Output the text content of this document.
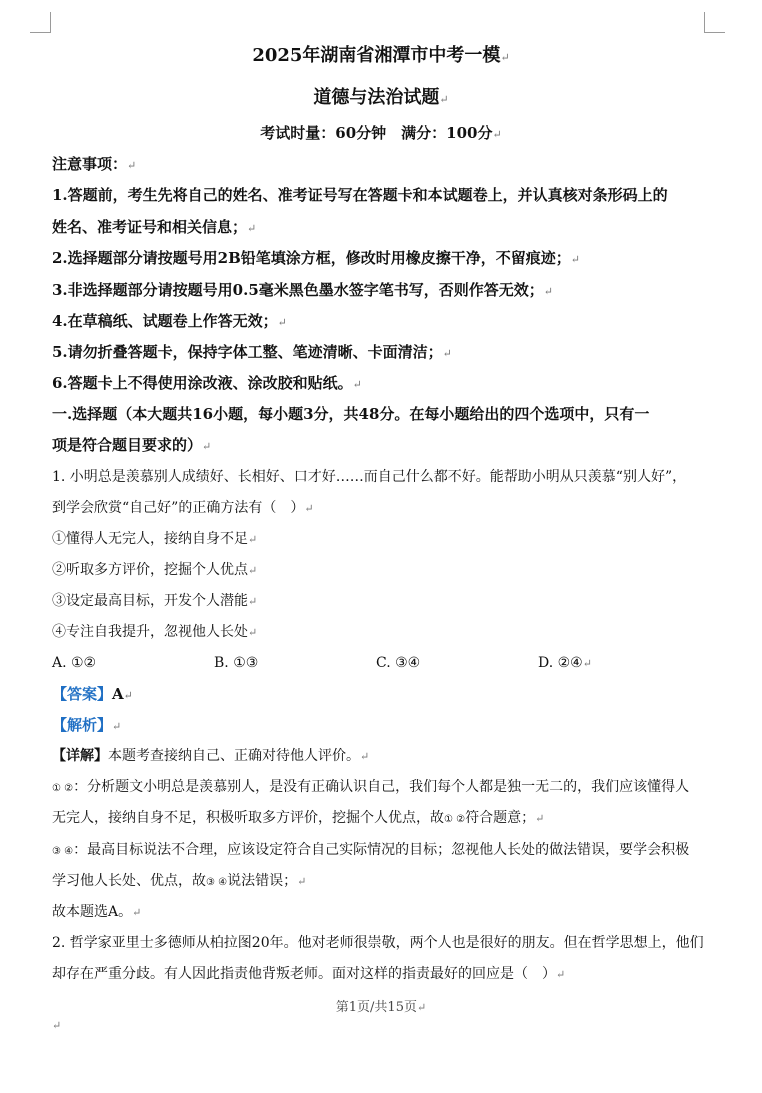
2025年湖南省湘潭市中考一模↵
道德与法治试题↵
考试时量：60分钟　满分：100分↵
注意事项：↵
1.答题前，考生先将自己的姓名、准考证号写在答题卡和本试题卷上，并认真核对条形码上的
姓名、准考证号和相关信息；↵
2.选择题部分请按题号用2B铅笔填涂方框，修改时用橡皮擦干净，不留痕迹；↵
3.非选择题部分请按题号用0.5毫米黑色墨水签字笔书写，否则作答无效；↵
4.在草稿纸、试题卷上作答无效；↵
5.请勿折叠答题卡，保持字体工整、笔迹清晰、卡面清洁；↵
6.答题卡上不得使用涂改液、涂改胶和贴纸。↵
一.选择题（本大题共16小题，每小题3分，共48分。在每小题给出的四个选项中，只有一
项是符合题目要求的）↵
1. 小明总是羡慕别人成绩好、长相好、口才好……而自己什么都不好。能帮助小明从只羡慕“别人好”，
到学会欣赏“自己好”的正确方法有（　）↵
①懂得人无完人，接纳自身不足↵
②听取多方评价，挖掘个人优点↵
③设定最高目标，开发个人潜能↵
④专注自我提升，忽视他人长处↵
A. ①②	B. ①③	C. ③④	D. ②④↵
【答案】A↵
【解析】↵
【详解】本题考查接纳自己、正确对待他人评价。↵
① ②：分析题文小明总是羡慕别人，是没有正确认识自己，我们每个人都是独一无二的，我们应该懂得人
无完人，接纳自身不足，积极听取多方评价，挖掘个人优点，故① ②符合题意；↵
③ ④：最高目标说法不合理，应该设定符合自己实际情况的目标；忽视他人长处的做法错误，要学会积极
学习他人长处、优点，故③ ④说法错误；↵
故本题选A。↵
2. 哲学家亚里士多德师从柏拉图20年。他对老师很崇敬，两个人也是很好的朋友。但在哲学思想上，他们
却存在严重分歧。有人因此指责他背叛老师。面对这样的指责最好的回应是（　）↵
第1页/共15页↵
↵
